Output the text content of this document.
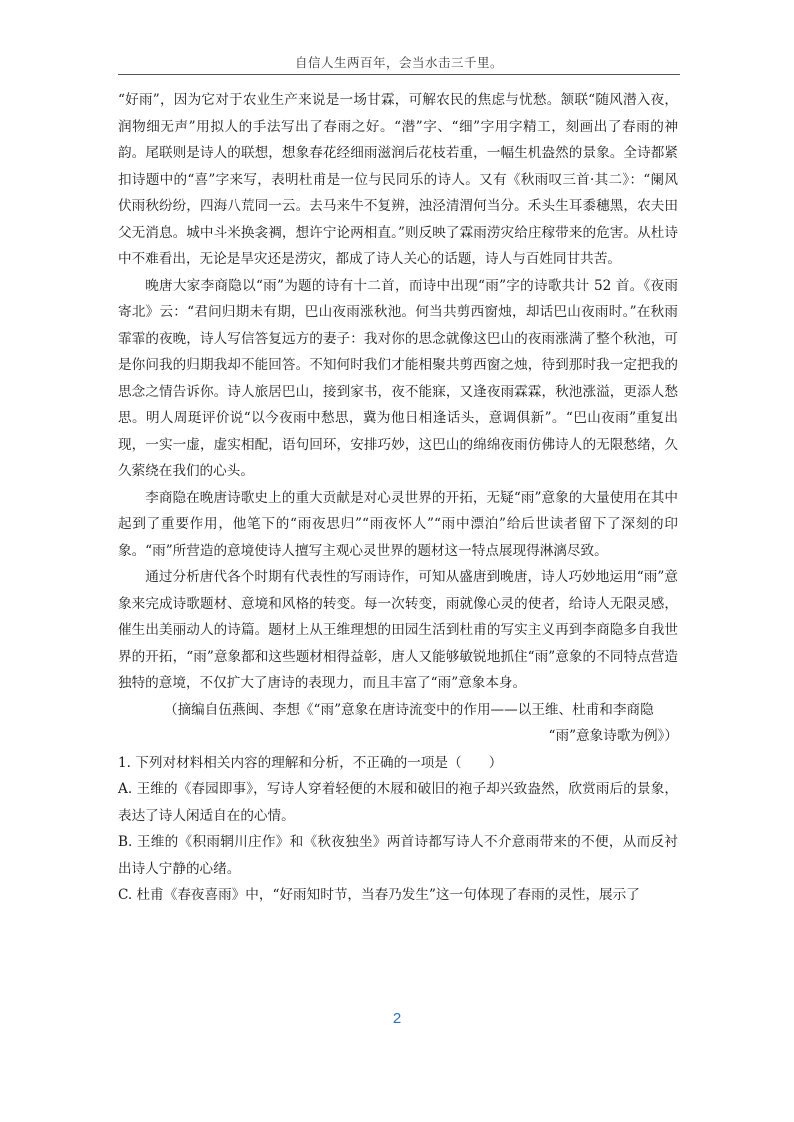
自信人生两百年，会当水击三千里。

“好雨”，因为它对于农业生产来说是一场甘霖，可解农民的焦虑与忧愁。颔联“随风潜入夜，润物细无声”用拟人的手法写出了春雨之好。“潜”字、“细”字用字精工，刻画出了春雨的神韵。尾联则是诗人的联想，想象春花经细雨滋润后花枝若重，一幅生机盎然的景象。全诗都紧扣诗题中的“喜”字来写，表明杜甫是一位与民同乐的诗人。又有《秋雨叹三首·其二》：“阑风伏雨秋纷纷，四海八荒同一云。去马来牛不复辨，浊泾清渭何当分。禾头生耳黍穗黑，农夫田父无消息。城中斗米换衾裯，想许宁论两相直。”则反映了霖雨涝灾给庄稼带来的危害。从杜诗中不难看出，无论是旱灾还是涝灾，都成了诗人关心的话题，诗人与百姓同甘共苦。

晚唐大家李商隐以“雨”为题的诗有十二首，而诗中出现“雨”字的诗歌共计 52 首。《夜雨寄北》云：“君问归期未有期，巴山夜雨涨秋池。何当共剪西窗烛，却话巴山夜雨时。”在秋雨霏霏的夜晚，诗人写信答复远方的妻子：我对你的思念就像这巴山的夜雨涨满了整个秋池，可是你问我的归期我却不能回答。不知何时我们才能相聚共剪西窗之烛，待到那时我一定把我的思念之情告诉你。诗人旅居巴山，接到家书，夜不能寐，又逢夜雨霖霖，秋池涨溢，更添人愁思。明人周珽评价说“以今夜雨中愁思，冀为他日相逢话头，意调俱新”。“巴山夜雨”重复出现，一实一虚，虚实相配，语句回环，安排巧妙，这巴山的绵绵夜雨仿佛诗人的无限愁绪，久久萦绕在我们的心头。

李商隐在晚唐诗歌史上的重大贡献是对心灵世界的开拓，无疑“雨”意象的大量使用在其中起到了重要作用，他笔下的“雨夜思归”“雨夜怀人”“雨中漂泊”给后世读者留下了深刻的印象。“雨”所营造的意境使诗人擅写主观心灵世界的题材这一特点展现得淋漓尽致。

通过分析唐代各个时期有代表性的写雨诗作，可知从盛唐到晚唐，诗人巧妙地运用“雨”意象来完成诗歌题材、意境和风格的转变。每一次转变，雨就像心灵的使者，给诗人无限灵感，催生出美丽动人的诗篇。题材上从王维理想的田园生活到杜甫的写实主义再到李商隐多自我世界的开拓，“雨”意象都和这些题材相得益彰，唐人又能够敏锐地抓住“雨”意象的不同特点营造独特的意境，不仅扩大了唐诗的表现力，而且丰富了“雨”意象本身。

（摘编自伍燕闽、李想《“雨”意象在唐诗流变中的作用——以王维、杜甫和李商隐

“雨”意象诗歌为例》）

1. 下列对材料相关内容的理解和分析，不正确的一项是（　　）

A. 王维的《春园即事》，写诗人穿着轻便的木屐和破旧的袍子却兴致盎然，欣赏雨后的景象，表达了诗人闲适自在的心情。

B. 王维的《积雨辋川庄作》和《秋夜独坐》两首诗都写诗人不介意雨带来的不便，从而反衬出诗人宁静的心绪。

C. 杜甫《春夜喜雨》中，“好雨知时节，当春乃发生”这一句体现了春雨的灵性，展示了

2
